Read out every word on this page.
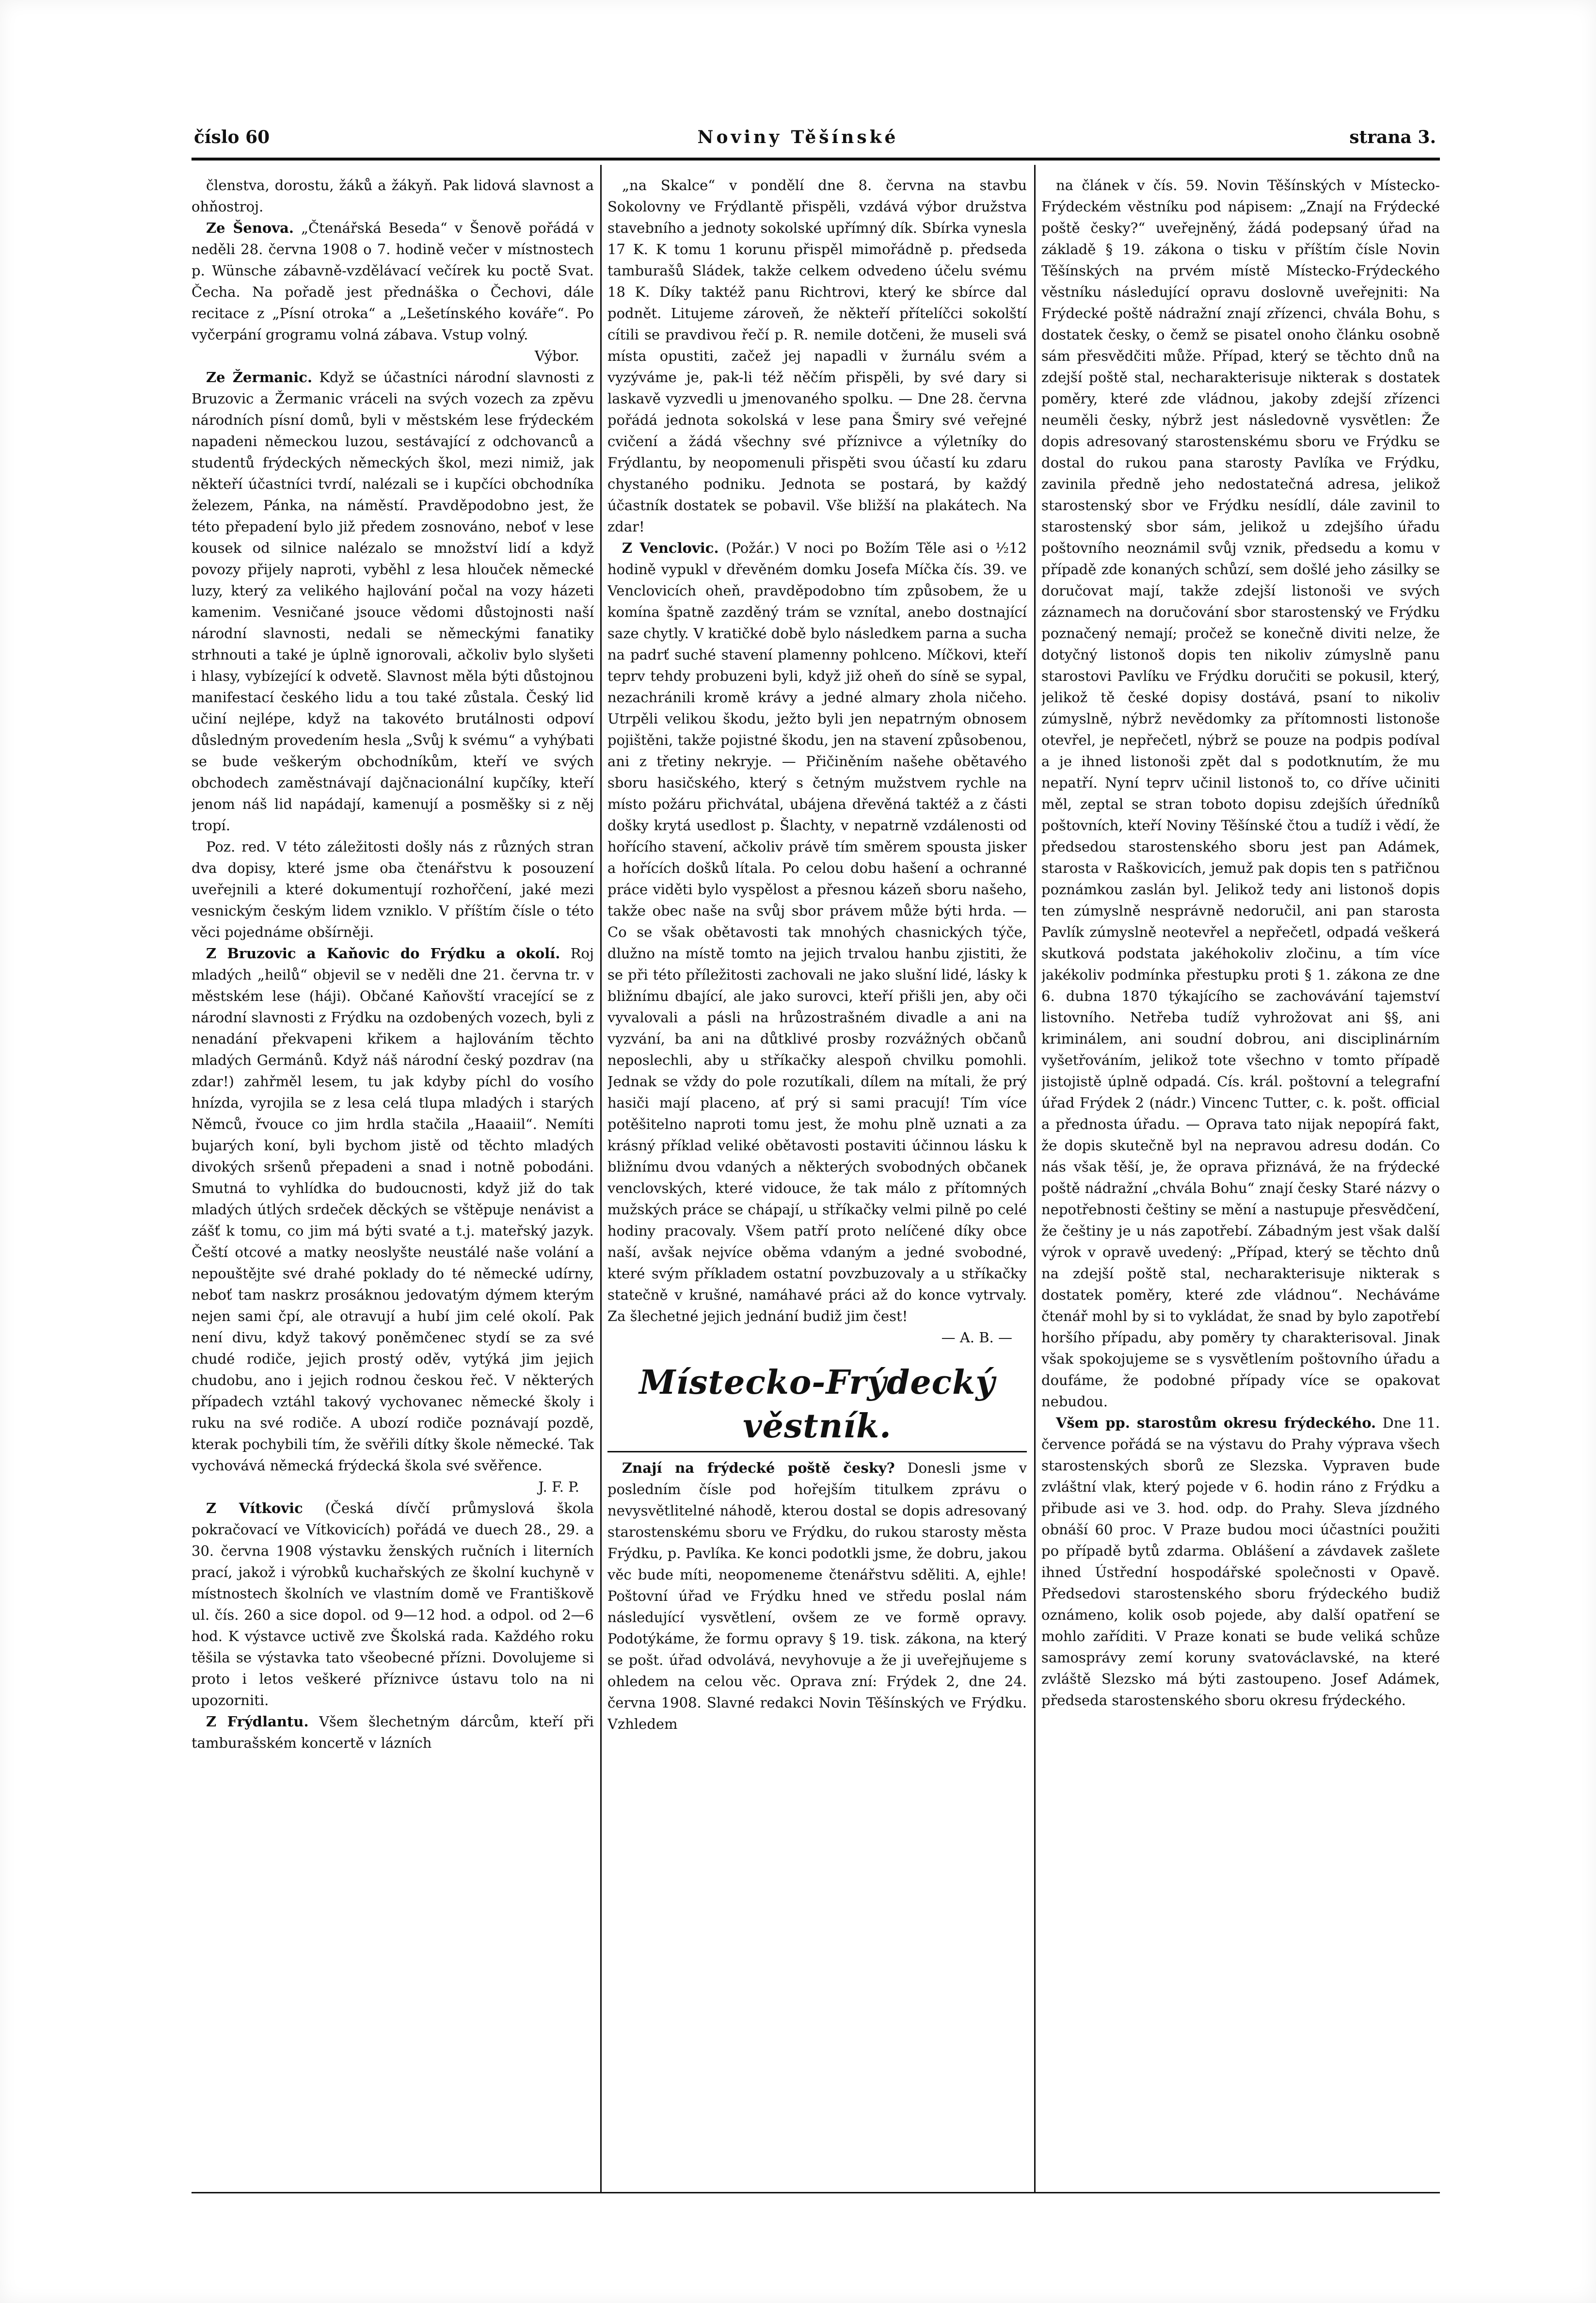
Noviny Těšínské
číslo 60	strana 3.

členstva, dorostu, žáků a žákyň. Pak lidová slavnost a ohňostroj.

Ze Šenova. „Čtenářská Beseda“ v Šenově pořádá v neděli 28. června 1908 o 7. hodině večer v místnostech p. Wünsche zábavně-vzdělávací večírek ku poctě Svat. Čecha. Na pořadě jest přednáška o Čechovi, dále recitace z „Písní otroka“ a „Lešetínského kováře“. Po vyčerpání grogramu volná zábava. Vstup volný.

Výbor.

Ze Žermanic. Když se účastníci národní slavnosti z Bruzovic a Žermanic vráceli na svých vozech za zpěvu národních písní domů, byli v městském lese frýdeckém napadeni německou luzou, sestávající z odchovanců a studentů frýdeckých německých škol, mezi nimiž, jak někteří účastníci tvrdí, nalézali se i kupčíci obchodníka železem, Pánka, na náměstí. Pravděpodobno jest, že této přepadení bylo již předem zosnováno, neboť v lese kousek od silnice nalézalo se množství lidí a když povozy přijely naproti, vyběhl z lesa hlouček německé luzy, který za velikého hajlování počal na vozy házeti kamenim. Vesničané jsouce vědomi důstojnosti naší národní slavnosti, nedali se německými fanatiky strhnouti a také je úplně ignorovali, ačkoliv bylo slyšeti i hlasy, vybízející k odvetě. Slavnost měla býti důstojnou manifestací českého lidu a tou také zůstala. Český lid učiní nejlépe, když na takovéto brutálnosti odpoví důsledným provedením hesla „Svůj k svému“ a vyhýbati se bude veškerým obchodníkům, kteří ve svých obchodech zaměstnávají dajčnacionální kupčíky, kteří jenom náš lid napádají, kamenují a posměšky si z něj tropí.

Poz. red. V této záležitosti došly nás z různých stran dva dopisy, které jsme oba čtenářstvu k posouzení uveřejnili a které dokumentují rozhořčení, jaké mezi vesnickým českým lidem vzniklo. V příštím čísle o této věci pojednáme obšírněji.

Z Bruzovic a Kaňovic do Frýdku a okolí. Roj mladých „heilů“ objevil se v neděli dne 21. června tr. v městském lese (háji). Občané Kaňovští vracející se z národní slavnosti z Frýdku na ozdobených vozech, byli z nenadání překvapeni křikem a hajlováním těchto mladých Germánů. Když náš národní český pozdrav (na zdar!) zahřměl lesem, tu jak kdyby píchl do vosího hnízda, vyrojila se z lesa celá tlupa mladých i starých Němců, řvouce co jim hrdla stačila „Haaaiil“. Nemíti bujarých koní, byli bychom jistě od těchto mladých divokých sršenů přepadeni a snad i notně pobodáni. Smutná to vyhlídka do budoucnosti, když již do tak mladých útlých srdeček děckých se vštěpuje nenávist a zášť k tomu, co jim má býti svaté a t.j. mateřský jazyk. Čeští otcové a matky neoslyšte neustálé naše volání a nepouštějte své drahé poklady do té německé udírny, neboť tam naskrz prosáknou jedovatým dýmem kterým nejen sami čpí, ale otravují a hubí jim celé okolí. Pak není divu, když takový poněmčenec stydí se za své chudé rodiče, jejich prostý oděv, vytýká jim jejich chudobu, ano i jejich rodnou českou řeč. V některých případech vztáhl takový vychovanec německé školy i ruku na své rodiče. A ubozí rodiče poznávají pozdě, kterak pochybili tím, že svěřili dítky škole německé. Tak vychovává německá frýdecká škola své svěřence.

J. F. P.

Z Vítkovic (Česká dívčí průmyslová škola pokračovací ve Vítkovicích) pořádá ve duech 28., 29. a 30. června 1908 výstavku ženských ručních i literních prací, jakož i výrobků kuchařských ze školní kuchyně v místnostech školních ve vlastním domě ve Františkově ul. čís. 260 a sice dopol. od 9—12 hod. a odpol. od 2—6 hod. K výstavce uctivě zve Školská rada. Každého roku těšila se výstavka tato všeobecné přízni. Dovolujeme si proto i letos veškeré příznivce ústavu tolo na ni upozorniti.

Z Frýdlantu. Všem šlechetným dárcům, kteří při tamburašském koncertě v lázních

„na Skalce“ v pondělí dne 8. června na stavbu Sokolovny ve Frýdlantě přispěli, vzdává výbor družstva stavebního a jednoty sokolské upřímný dík. Sbírka vynesla 17 K. K tomu 1 korunu přispěl mimořádně p. předseda tamburašů Sládek, takže celkem odvedeno účelu svému 18 K. Díky taktéž panu Richtrovi, který ke sbírce dal podnět. Litujeme zároveň, že někteří přítelíčci sokolští cítili se pravdivou řečí p. R. nemile dotčeni, že museli svá místa opustiti, začež jej napadli v žurnálu svém a vyzýváme je, pak-li též něčím přispěli, by své dary si laskavě vyzvedli u jmenovaného spolku. — Dne 28. června pořádá jednota sokolská v lese pana Šmiry své veřejné cvičení a žádá všechny své příznivce a výletníky do Frýdlantu, by neopomenuli přispěti svou účastí ku zdaru chystaného podniku. Jednota se postará, by každý účastník dostatek se pobavil. Vše bližší na plakátech. Na zdar!

Z Venclovic. (Požár.) V noci po Božím Těle asi o ½12 hodině vypukl v dřevěném domku Josefa Míčka čís. 39. ve Venclovicích oheň, pravděpodobno tím způsobem, že u komína špatně zazděný trám se vznítal, anebo dostnající saze chytly. V kratičké době bylo následkem parna a sucha na padrť suché stavení plamenny pohlceno. Míčkovi, kteří teprv tehdy probuzeni byli, když již oheň do síně se sypal, nezachránili kromě krávy a jedné almary zhola ničeho. Utrpěli velikou škodu, ježto byli jen nepatrným obnosem pojištěni, takže pojistné škodu, jen na stavení způsobenou, ani z třetiny nekryje. — Přičiněním našehe obětavého sboru hasičského, který s četným mužstvem rychle na místo požáru přichvátal, ubájena dřevěná taktéž a z části došky krytá usedlost p. Šlachty, v nepatrně vzdálenosti od hořícího stavení, ačkoliv právě tím směrem spousta jisker a hořících došků lítala. Po celou dobu hašení a ochranné práce viděti bylo vyspělost a přesnou kázeň sboru našeho, takže obec naše na svůj sbor právem může býti hrda. — Co se však obětavosti tak mnohých chasnických týče, dlužno na místě tomto na jejich trvalou hanbu zjistiti, že se při této příležitosti zachovali ne jako slušní lidé, lásky k bližnímu dbající, ale jako surovci, kteří přišli jen, aby oči vyvalovali a pásli na hrůzostrašném divadle a ani na vyzvání, ba ani na důtklivé prosby rozvážných občanů neposlechli, aby u stříkačky alespoň chvilku pomohli. Jednak se vždy do pole rozutíkali, dílem na mítali, že prý hasiči mají placeno, ať prý si sami pracují! Tím více potěšitelno naproti tomu jest, že mohu plně uznati a za krásný příklad veliké obětavosti postaviti účinnou lásku k bližnímu dvou vdaných a některých svobodných občanek venclovských, které vidouce, že tak málo z přítomných mužských práce se chápají, u stříkačky velmi pilně po celé hodiny pracovaly. Všem patří proto nelíčené díky obce naší, avšak nejvíce oběma vdaným a jedné svobodné, které svým příkladem ostatní povzbuzovaly a u stříkačky statečně v krušné, namáhavé práci až do konce vytrvaly. Za šlechetné jejich jednání budiž jim čest!

— A. B. —

Místecko-Frýdecký věstník.

Znají na frýdecké poště česky? Donesli jsme v posledním čísle pod hořejším titulkem zprávu o nevysvětlitelné náhodě, kterou dostal se dopis adresovaný starostenskému sboru ve Frýdku, do rukou starosty města Frýdku, p. Pavlíka. Ke konci podotkli jsme, že dobru, jakou věc bude míti, neopomeneme čtenářstvu sděliti. A, ejhle! Poštovní úřad ve Frýdku hned ve středu poslal nám následující vysvětlení, ovšem ze ve formě opravy. Podotýkáme, že formu opravy § 19. tisk. zákona, na který se pošt. úřad odvolává, nevyhovuje a že ji uveřejňujeme s ohledem na celou věc. Oprava zní: Frýdek 2, dne 24. června 1908. Slavné redakci Novin Těšínských ve Frýdku. Vzhledem

na článek v čís. 59. Novin Těšínských v Místecko-Frýdeckém věstníku pod nápisem: „Znají na Frýdecké poště česky?“ uveřejněný, žádá podepsaný úřad na základě § 19. zákona o tisku v příštím čísle Novin Těšínských na prvém místě Místecko-Frýdeckého věstníku následující opravu doslovně uveřejniti: Na Frýdecké poště nádražní znají zřízenci, chvála Bohu, s dostatek česky, o čemž se pisatel onoho článku osobně sám přesvědčiti může. Případ, který se těchto dnů na zdejší poště stal, necharakterisuje nikterak s dostatek poměry, které zde vládnou, jakoby zdejší zřízenci neuměli česky, nýbrž jest následovně vysvětlen: Že dopis adresovaný starostenskému sboru ve Frýdku se dostal do rukou pana starosty Pavlíka ve Frýdku, zavinila předně jeho nedostatečná adresa, jelikož starostenský sbor ve Frýdku nesídlí, dále zavinil to starostenský sbor sám, jelikož u zdejšího úřadu poštovního neoznámil svůj vznik, předsedu a komu v případě zde konaných schůzí, sem došlé jeho zásilky se doručovat mají, takže zdejší listonoši ve svých záznamech na doručování sbor starostenský ve Frýdku poznačený nemají; pročež se konečně diviti nelze, že dotyčný listonoš dopis ten nikoliv zúmyslně panu starostovi Pavlíku ve Frýdku doručiti se pokusil, který, jelikož tě české dopisy dostává, psaní to nikoliv zúmyslně, nýbrž nevědomky za přítomnosti listonoše otevřel, je nepřečetl, nýbrž se pouze na podpis podíval a je ihned listonoši zpět dal s podotknutím, že mu nepatří. Nyní teprv učinil listonoš to, co dříve učiniti měl, zeptal se stran toboto dopisu zdejších úředníků poštovních, kteří Noviny Těšínské čtou a tudíž i vědí, že předsedou starostenského sboru jest pan Adámek, starosta v Raškovicích, jemuž pak dopis ten s patřičnou poznámkou zaslán byl. Jelikož tedy ani listonoš dopis ten zúmyslně nesprávně nedoručil, ani pan starosta Pavlík zúmyslně neotevřel a nepřečetl, odpadá veškerá skutková podstata jakéhokoliv zločinu, a tím více jakékoliv podmínka přestupku proti § 1. zákona ze dne 6. dubna 1870 týkajícího se zachovávání tajemství listovního. Netřeba tudíž vyhrožovat ani §§, ani kriminálem, ani soudní dobrou, ani disciplinárním vyšetřováním, jelikož tote všechno v tomto případě jistojistě úplně odpadá. Cís. král. poštovní a telegrafní úřad Frýdek 2 (nádr.) Vincenc Tutter, c. k. pošt. official a přednosta úřadu. — Oprava tato nijak nepopírá fakt, že dopis skutečně byl na nepravou adresu dodán. Co nás však těší, je, že oprava přiznává, že na frýdecké poště nádražní „chvála Bohu“ znají česky Staré názvy o nepotřebnosti češtiny se mění a nastupuje přesvědčení, že češtiny je u nás zapotřebí. Zábadným jest však další výrok v opravě uvedený: „Případ, který se těchto dnů na zdejší poště stal, necharakterisuje nikterak s dostatek poměry, které zde vládnou“. Necháváme čtenář mohl by si to vykládat, že snad by bylo zapotřebí horšího případu, aby poměry ty charakterisoval. Jinak však spokojujeme se s vysvětlením poštovního úřadu a doufáme, že podobné případy více se opakovat nebudou.

Všem pp. starostům okresu frýdeckého. Dne 11. července pořádá se na výstavu do Prahy výprava všech starostenských sborů ze Slezska. Vypraven bude zvláštní vlak, který pojede v 6. hodin ráno z Frýdku a přibude asi ve 3. hod. odp. do Prahy. Sleva jízdného obnáší 60 proc. V Praze budou moci účastníci použiti po případě bytů zdarma. Oblášení a závdavek zašlete ihned Ústřední hospodářské společnosti v Opavě. Předsedovi starostenského sboru frýdeckého budiž oznámeno, kolik osob pojede, aby další opatření se mohlo zaříditi. V Praze konati se bude veliká schůze samosprávy zemí koruny svatováclavské, na které zvláště Slezsko má býti zastoupeno. Josef Adámek, předseda starostenského sboru okresu frýdeckého.
